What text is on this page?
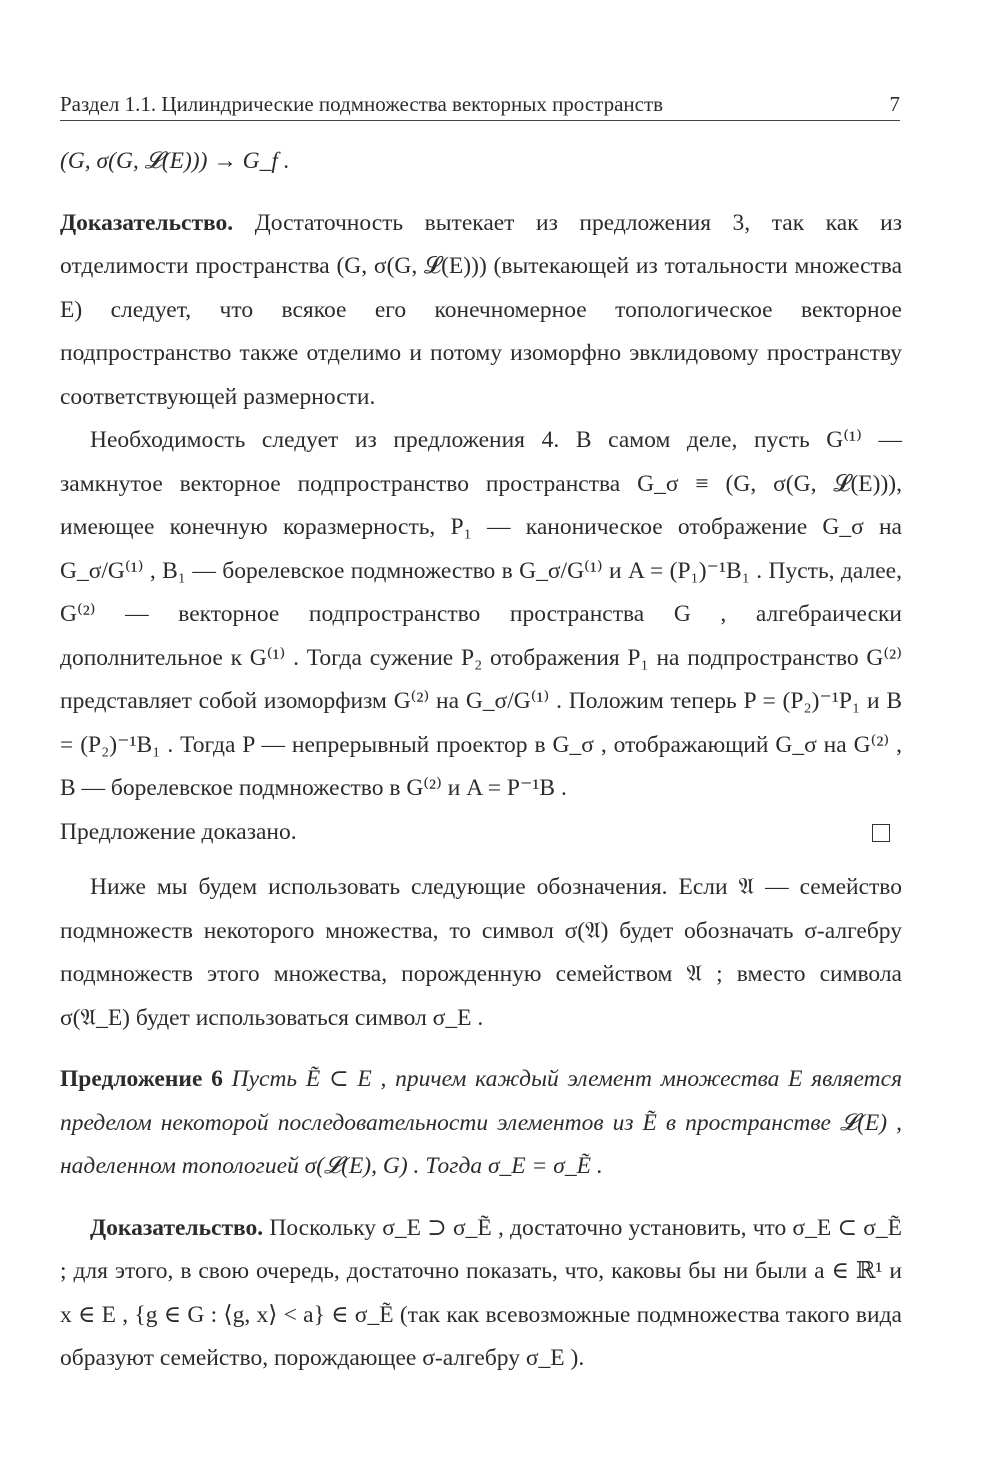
Раздел 1.1. Цилиндрические подмножества векторных пространств	7

(G, σ(G, 𝓛(E))) → G_f .

Доказательство. Достаточность вытекает из предложения 3, так как из отделимости пространства (G, σ(G, 𝓛(E))) (вытекающей из тотальности множества E) следует, что всякое его конечномерное топологическое векторное подпространство также отделимо и потому изоморфно эвклидовому пространству соответствующей размерности.

Необходимость следует из предложения 4. В самом деле, пусть G⁽¹⁾ — замкнутое векторное подпространство пространства G_σ ≡ (G, σ(G, 𝓛(E))), имеющее конечную коразмерность, P₁ — каноническое отображение G_σ на G_σ/G⁽¹⁾ , B₁ — борелевское подмножество в G_σ/G⁽¹⁾ и A = (P₁)⁻¹B₁ . Пусть, далее, G⁽²⁾ — векторное подпространство пространства G , алгебраически дополнительное к G⁽¹⁾ . Тогда сужение P₂ отображения P₁ на подпространство G⁽²⁾ представляет собой изоморфизм G⁽²⁾ на G_σ/G⁽¹⁾ . Положим теперь P = (P₂)⁻¹P₁ и B = (P₂)⁻¹B₁ . Тогда P — непрерывный проектор в G_σ , отображающий G_σ на G⁽²⁾ , B — борелевское подмножество в G⁽²⁾ и A = P⁻¹B .

Предложение доказано.

Ниже мы будем использовать следующие обозначения. Если 𝔄 — семейство подмножеств некоторого множества, то символ σ(𝔄) будет обозначать σ-алгебру подмножеств этого множества, порожденную семейством 𝔄 ; вместо символа σ(𝔄_E) будет использоваться символ σ_E .

Предложение 6 Пусть Ẽ ⊂ E , причем каждый элемент множества E является пределом некоторой последовательности элементов из Ẽ в пространстве 𝓛(E) , наделенном топологией σ(𝓛(E), G) . Тогда σ_E = σ_Ẽ .

Доказательство. Поскольку σ_E ⊃ σ_Ẽ , достаточно установить, что σ_E ⊂ σ_Ẽ ; для этого, в свою очередь, достаточно показать, что, каковы бы ни были a ∈ ℝ¹ и x ∈ E , {g ∈ G : ⟨g, x⟩ < a} ∈ σ_Ẽ (так как всевозможные подмножества такого вида образуют семейство, порождающее σ-алгебру σ_E ).
